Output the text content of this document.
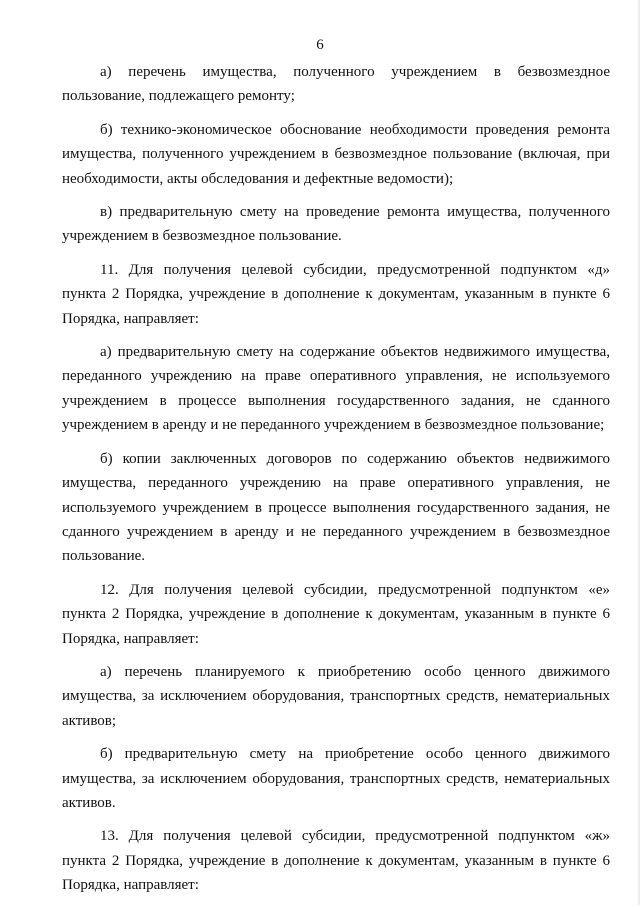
6

а) перечень имущества, полученного учреждением в безвозмездное пользование, подлежащего ремонту;

б) технико-экономическое обоснование необходимости проведения ремонта имущества, полученного учреждением в безвозмездное пользование (включая, при необходимости, акты обследования и дефектные ведомости);

в) предварительную смету на проведение ремонта имущества, полученного учреждением в безвозмездное пользование.

11. Для получения целевой субсидии, предусмотренной подпунктом «д» пункта 2 Порядка, учреждение в дополнение к документам, указанным в пункте 6 Порядка, направляет:

а) предварительную смету на содержание объектов недвижимого имущества, переданного учреждению на праве оперативного управления, не используемого учреждением в процессе выполнения государственного задания, не сданного учреждением в аренду и не переданного учреждением в безвозмездное пользование;

б) копии заключенных договоров по содержанию объектов недвижимого имущества, переданного учреждению на праве оперативного управления, не используемого учреждением в процессе выполнения государственного задания, не сданного учреждением в аренду и не переданного учреждением в безвозмездное пользование.

12. Для получения целевой субсидии, предусмотренной подпунктом «е» пункта 2 Порядка, учреждение в дополнение к документам, указанным в пункте 6 Порядка, направляет:

а) перечень планируемого к приобретению особо ценного движимого имущества, за исключением оборудования, транспортных средств, нематериальных активов;

б) предварительную смету на приобретение особо ценного движимого имущества, за исключением оборудования, транспортных средств, нематериальных активов.

13. Для получения целевой субсидии, предусмотренной подпунктом «ж» пункта 2 Порядка, учреждение в дополнение к документам, указанным в пункте 6 Порядка, направляет:
